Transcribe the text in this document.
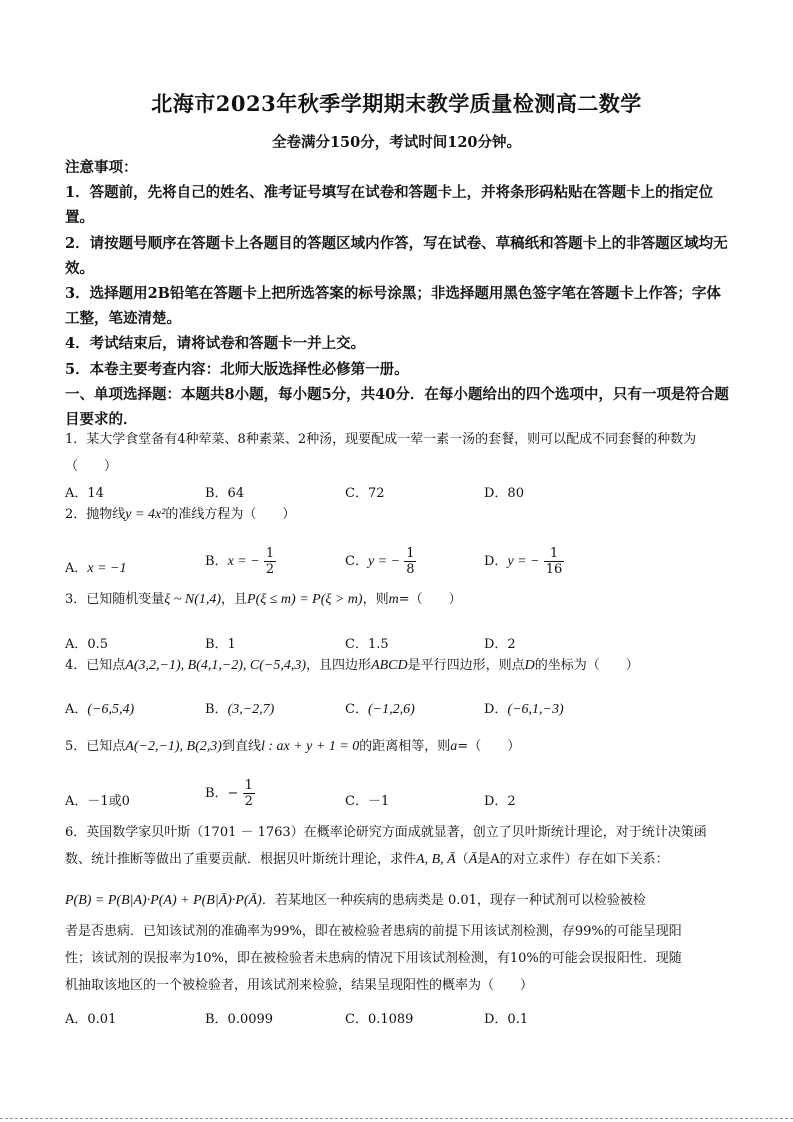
北海市2023年秋季学期期末教学质量检测高二数学
全卷满分150分，考试时间120分钟。

注意事项：

1．答题前，先将自己的姓名、准考证号填写在试卷和答题卡上，并将条形码粘贴在答题卡上的指定位置。

2．请按题号顺序在答题卡上各题目的答题区域内作答，写在试卷、草稿纸和答题卡上的非答题区域均无效。

3．选择题用2B铅笔在答题卡上把所选答案的标号涂黑；非选择题用黑色签字笔在答题卡上作答；字体工整，笔迹清楚。

4．考试结束后，请将试卷和答题卡一并上交。

5．本卷主要考查内容：北师大版选择性必修第一册。

一、单项选择题：本题共8小题，每小题5分，共40分．在每小题给出的四个选项中，只有一项是符合题目要求的．

1．某大学食堂备有4种荤菜、8种素菜、2种汤，现要配成一荤一素一汤的套餐，则可以配成不同套餐的种数为（　　）

A．14	B．64	C．72	D．80

2．抛物线y = 4x²的准线方程为（　　）

A．x = −1	B．x = − $\frac{1}{2}$	C．y = − $\frac{1}{8}$	D．y = − $\frac{1}{16}$

3．已知随机变量ξ ~ N(1,4)，且P(ξ ≤ m) = P(ξ > m)，则m=（　　）

A．0.5	B．1	C．1.5	D．2

4．已知点A(3,2,−1), B(4,1,−2), C(−5,4,3)，且四边形ABCD是平行四边形，则点D的坐标为（　　）

A．(−6,5,4)	B．(3,−2,7)	C．(−1,2,6)	D．(−6,1,−3)

5．已知点A(−2,−1), B(2,3)到直线l : ax + y + 1 = 0的距离相等，则a=（　　）

A．－1或0
B．− $\frac{1}{2}$	C．－1	D．2

6．英国数学家贝叶斯（1701 － 1763）在概率论研究方面成就显著，创立了贝叶斯统计理论，对于统计决策函

数、统计推断等做出了重要贡献．根据贝叶斯统计理论，求件A, B, Ā（Ā是A的对立求件）存在如下关系：

P(B) = P(B|A)·P(A) + P(B|Ā)·P(Ā)．若某地区一种疾病的患病类是 0.01，现存一种试剂可以检验被检

者是否患病．已知该试剂的准确率为99%，即在被检验者患病的前提下用该试剂检测，存99%的可能呈现阳

性；该试剂的误报率为10%，即在被检验者未患病的情况下用该试剂检测，有10%的可能会误报阳性．现随

机抽取该地区的一个被检验者，用该试剂来检验，结果呈现阳性的概率为（　　）

A．0.01	B．0.0099	C．0.1089	D．0.1
